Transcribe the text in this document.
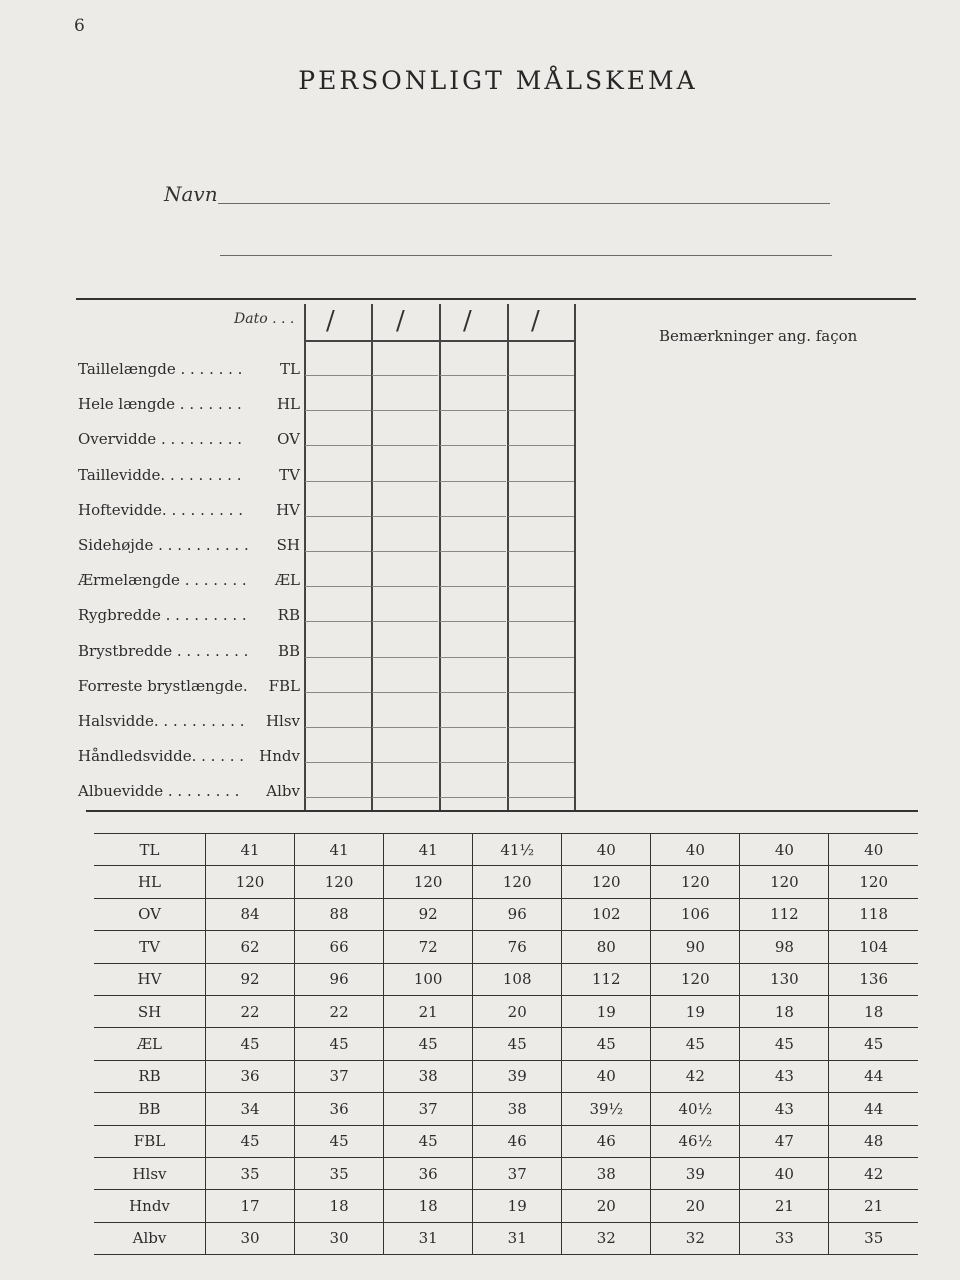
6
PERSONLIGT MÅLSKEMA
Navn
Dato . . . / / / /	Bemærkninger ang. façon
Taillelængde . . . . . . .	TL
Hele længde . . . . . . . HL
Overvidde . . . . . . . . . OV
Taillevidde. . . . . . . . .	TV
Hoftevidde. . . . . . . . . HV
Sidehøjde . . . . . . . . . . SH
Ærmelængde . . . . . . . ÆL
Rygbredde . . . . . . . . . RB
Brystbredde . . . . . . . . BB
Forreste brystlængde. FBL
Halsvidde. . . . . . . . . . Hlsv
Håndledsvidde. . . . . . Hndv
Albuevidde . . . . . . . . Albv
TL	41	41	41	41½	40	40	40	40
HL	120	120	120	120	120	120	120	120
OV	84	88	92	96	102	106	112	118
TV	62	66	72	76	80	90	98	104
HV	92	96	100	108	112	120	130	136
SH	22	22	21	20	19	19	18	18
ÆL	45	45	45	45	45	45	45	45
RB	36	37	38	39	40	42	43	44
BB	34	36	37	38	39½	40½	43	44
FBL	45	45	45	46	46	46½	47	48
Hlsv	35	35	36	37	38	39	40	42
Hndv	17	18	18	19	20	20	21	21
Albv	30	30	31	31	32	32	33	35
